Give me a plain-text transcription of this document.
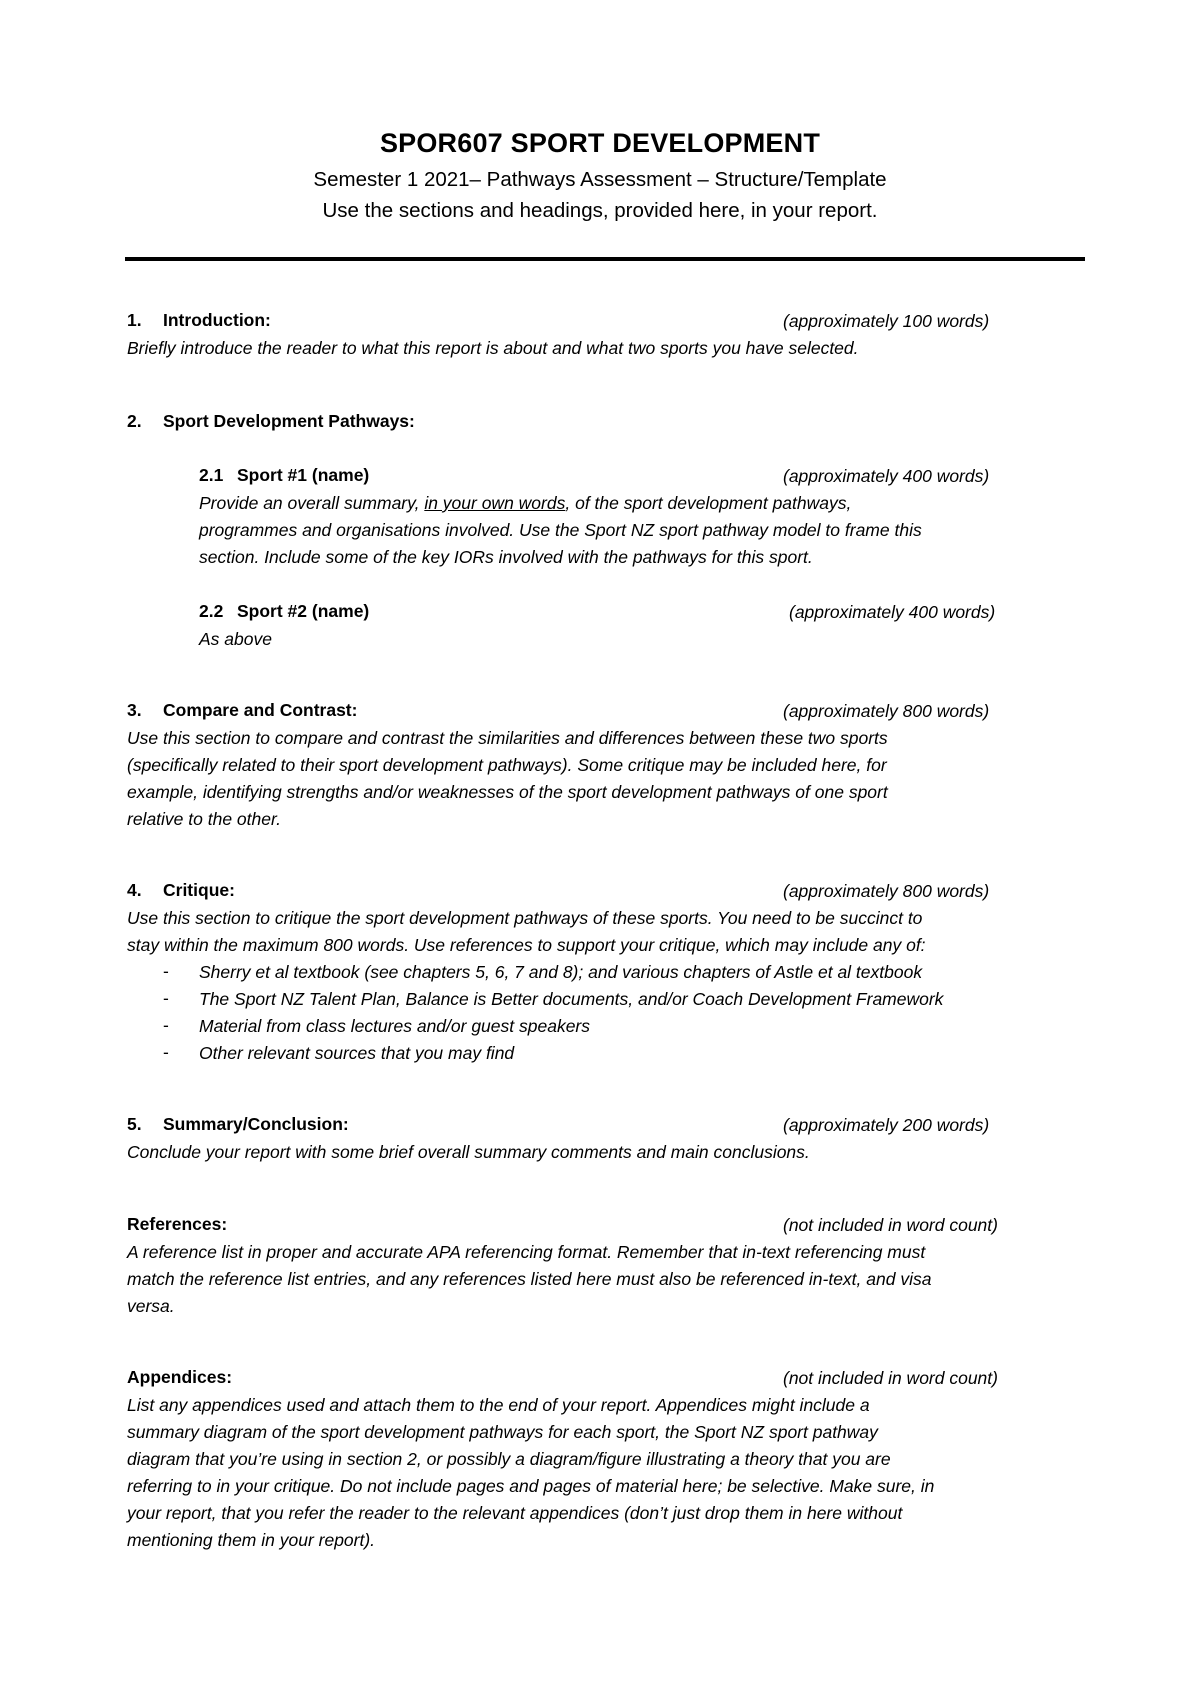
SPOR607 SPORT DEVELOPMENT
Semester 1 2021– Pathways Assessment – Structure/Template
Use the sections and headings, provided here, in your report.
1. Introduction:	(approximately 100 words)
Briefly introduce the reader to what this report is about and what two sports you have selected.
2. Sport Development Pathways:
2.1 Sport #1 (name)	(approximately 400 words)
Provide an overall summary, in your own words, of the sport development pathways,
programmes and organisations involved. Use the Sport NZ sport pathway model to frame this
section. Include some of the key IORs involved with the pathways for this sport.
2.2 Sport #2 (name)	(approximately 400 words)
As above
3. Compare and Contrast:	(approximately 800 words)
Use this section to compare and contrast the similarities and differences between these two sports
(specifically related to their sport development pathways). Some critique may be included here, for
example, identifying strengths and/or weaknesses of the sport development pathways of one sport
relative to the other.
4. Critique:	(approximately 800 words)
Use this section to critique the sport development pathways of these sports. You need to be succinct to
stay within the maximum 800 words. Use references to support your critique, which may include any of:
- Sherry et al textbook (see chapters 5, 6, 7 and 8); and various chapters of Astle et al textbook
- The Sport NZ Talent Plan, Balance is Better documents, and/or Coach Development Framework
- Material from class lectures and/or guest speakers
- Other relevant sources that you may find
5. Summary/Conclusion:	(approximately 200 words)
Conclude your report with some brief overall summary comments and main conclusions.
References:	(not included in word count)
A reference list in proper and accurate APA referencing format. Remember that in-text referencing must
match the reference list entries, and any references listed here must also be referenced in-text, and visa
versa.
Appendices:	(not included in word count)
List any appendices used and attach them to the end of your report. Appendices might include a
summary diagram of the sport development pathways for each sport, the Sport NZ sport pathway
diagram that you’re using in section 2, or possibly a diagram/figure illustrating a theory that you are
referring to in your critique. Do not include pages and pages of material here; be selective. Make sure, in
your report, that you refer the reader to the relevant appendices (don’t just drop them in here without
mentioning them in your report).
